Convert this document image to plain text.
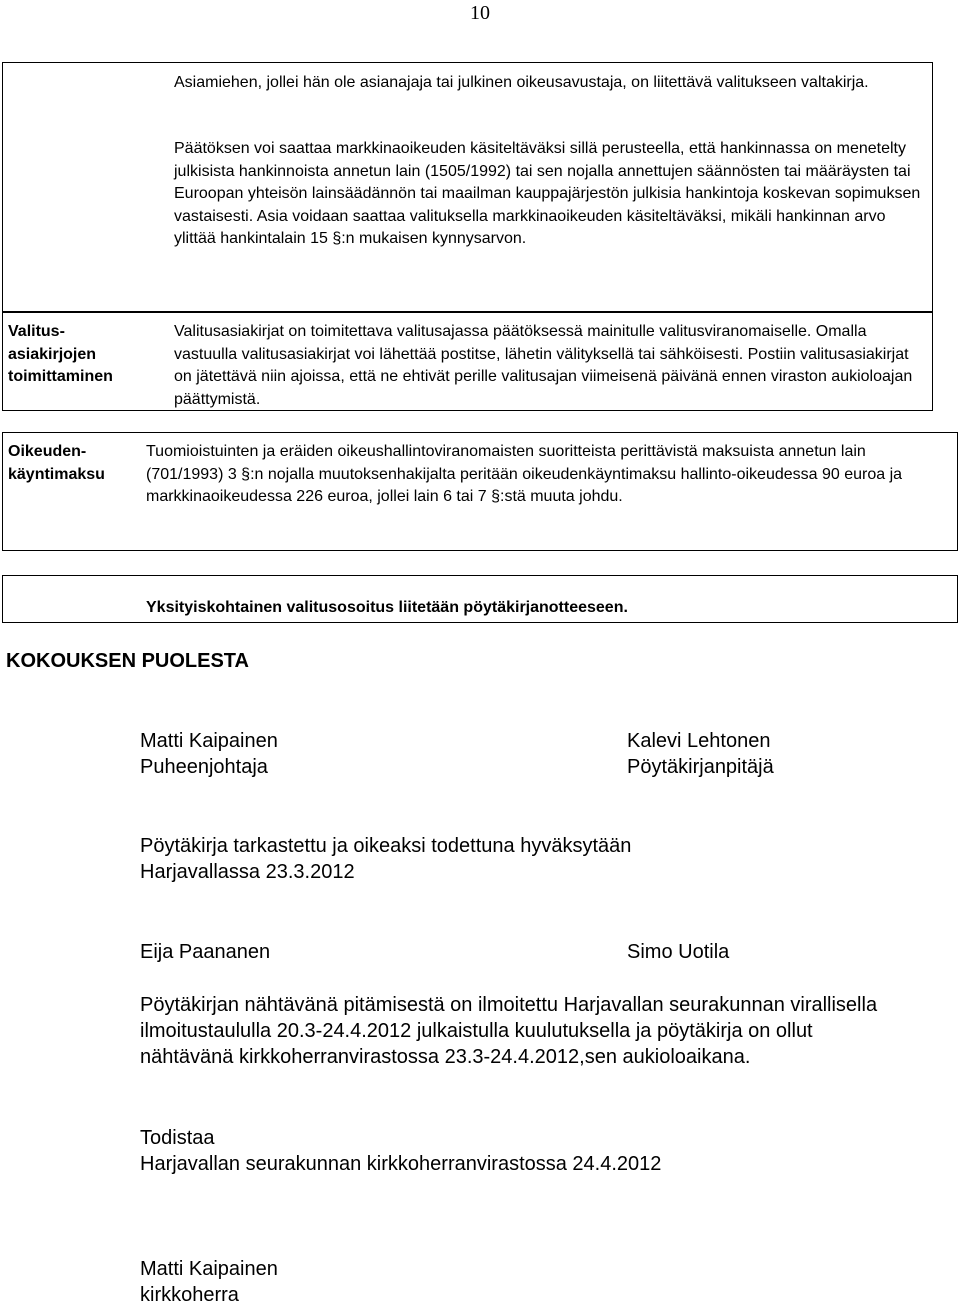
10

Asiamiehen, jollei hän ole asianajaja tai julkinen oikeusavustaja, on liitettävä valitukseen valtakirja.

Päätöksen voi saattaa markkinaoikeuden käsiteltäväksi sillä perusteella, että hankinnassa on menetelty julkisista hankinnoista annetun lain (1505/1992) tai sen nojalla annettujen säännösten tai määräysten tai Euroopan yhteisön lainsäädännön tai maailman kauppajärjestön julkisia hankintoja koskevan sopimuksen vastaisesti. Asia voidaan saattaa valituksella markkinaoikeuden käsiteltäväksi, mikäli hankinnan arvo ylittää hankintalain 15 §:n mukaisen kynnysarvon.

Valitus-
asiakirjojen
toimittaminen

Valitusasiakirjat on toimitettava valitusajassa päätöksessä mainitulle valitusviranomaiselle. Omalla vastuulla valitusasiakirjat voi lähettää postitse, lähetin välityksellä tai sähköisesti. Postiin valitusasiakirjat on jätettävä niin ajoissa, että ne ehtivät perille valitusajan viimeisenä päivänä ennen viraston aukioloajan päättymistä.

Oikeuden-
käyntimaksu

Tuomioistuinten ja eräiden oikeushallintoviranomaisten suoritteista perittävistä maksuista annetun lain (701/1993) 3 §:n nojalla muutoksenhakijalta peritään oikeudenkäyntimaksu hallinto-oikeudessa 90 euroa ja markkinaoikeudessa 226 euroa, jollei lain 6 tai 7 §:stä muuta johdu.

Yksityiskohtainen valitusosoitus liitetään pöytäkirjanotteeseen.

KOKOUKSEN PUOLESTA
Matti Kaipainen
Puheenjohtaja
Kalevi Lehtonen
Pöytäkirjanpitäjä
Pöytäkirja tarkastettu ja oikeaksi todettuna hyväksytään
Harjavallassa 23.3.2012
Eija Paananen	Simo Uotila

Pöytäkirjan nähtävänä pitämisestä on ilmoitettu Harjavallan seurakunnan virallisella ilmoitustaululla 20.3-24.4.2012 julkaistulla kuulutuksella ja pöytäkirja on ollut nähtävänä kirkkoherranvirastossa 23.3-24.4.2012,sen aukioloaikana.

Todistaa
Harjavallan seurakunnan kirkkoherranvirastossa 24.4.2012
Matti Kaipainen
kirkkoherra
